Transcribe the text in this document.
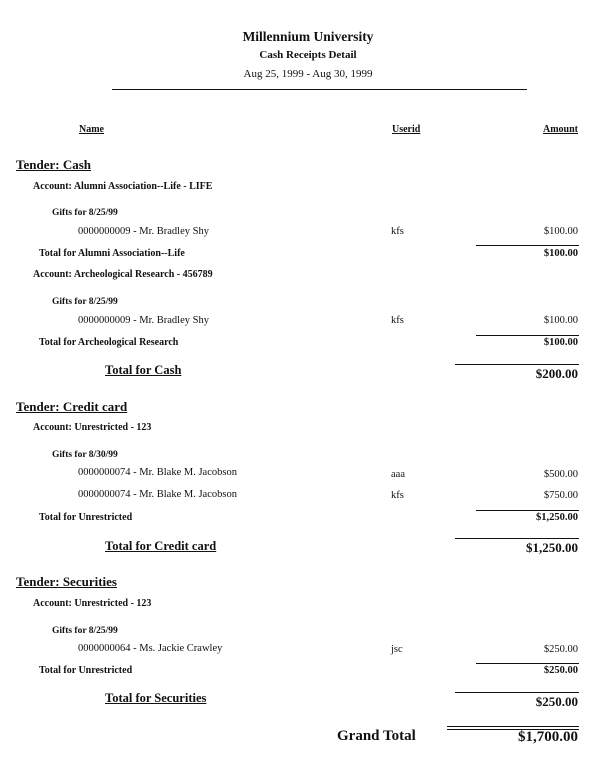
Millennium University
Cash Receipts Detail
Aug 25, 1999 - Aug 30, 1999
Name	Userid	Amount
Tender: Cash
Account: Alumni Association--Life - LIFE
Gifts for 8/25/99
0000000009 - Mr. Bradley Shy	kfs	$100.00
Total for Alumni Association--Life	$100.00
Account: Archeological Research - 456789
Gifts for 8/25/99
0000000009 - Mr. Bradley Shy	kfs	$100.00
Total for Archeological Research	$100.00
Total for Cash	$200.00
Tender: Credit card
Account: Unrestricted - 123
Gifts for 8/30/99
0000000074 - Mr. Blake M. Jacobson	aaa	$500.00
0000000074 - Mr. Blake M. Jacobson	kfs	$750.00
Total for Unrestricted	$1,250.00
Total for Credit card	$1,250.00
Tender: Securities
Account: Unrestricted - 123
Gifts for 8/25/99
0000000064 - Ms. Jackie Crawley	jsc	$250.00
Total for Unrestricted	$250.00
Total for Securities	$250.00
Grand Total	$1,700.00
